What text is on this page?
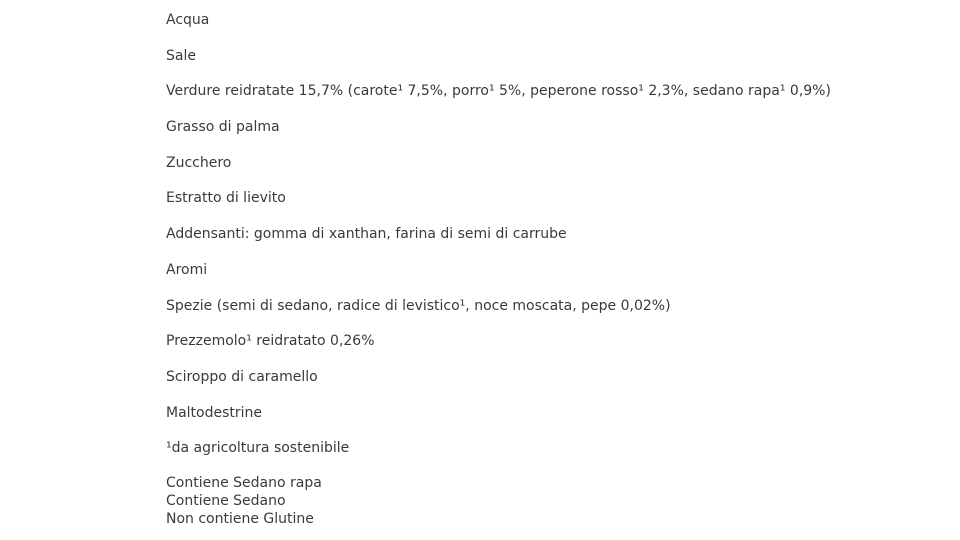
Acqua
Sale
Verdure reidratate 15,7% (carote¹ 7,5%, porro¹ 5%, peperone rosso¹ 2,3%, sedano rapa¹ 0,9%)
Grasso di palma
Zucchero
Estratto di lievito
Addensanti: gomma di xanthan, farina di semi di carrube
Aromi
Spezie (semi di sedano, radice di levistico¹, noce moscata, pepe 0,02%)
Prezzemolo¹ reidratato 0,26%
Sciroppo di caramello
Maltodestrine
¹da agricoltura sostenibile
Contiene Sedano rapa
Contiene Sedano
Non contiene Glutine
